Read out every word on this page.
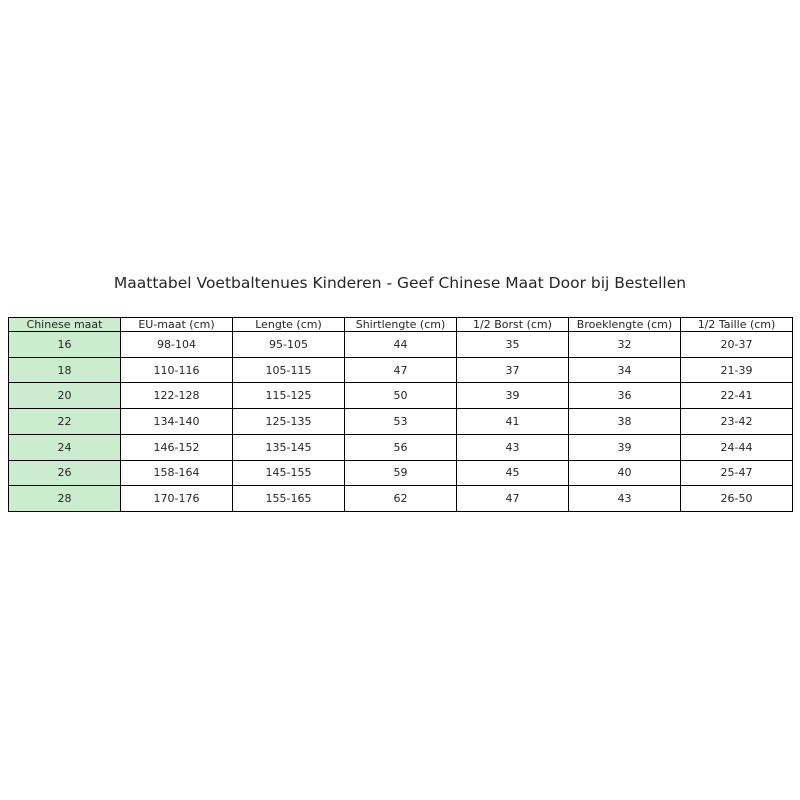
Maattabel Voetbaltenues Kinderen - Geef Chinese Maat Door bij Bestellen
Chinese maat	EU-maat (cm)	Lengte (cm)	Shirtlengte (cm)	1/2 Borst (cm)	Broeklengte (cm)	1/2 Taille (cm)
16	98-104	95-105	44	35	32	20-37
18	110-116	105-115	47	37	34	21-39
20	122-128	115-125	50	39	36	22-41
22	134-140	125-135	53	41	38	23-42
24	146-152	135-145	56	43	39	24-44
26	158-164	145-155	59	45	40	25-47
28	170-176	155-165	62	47	43	26-50
